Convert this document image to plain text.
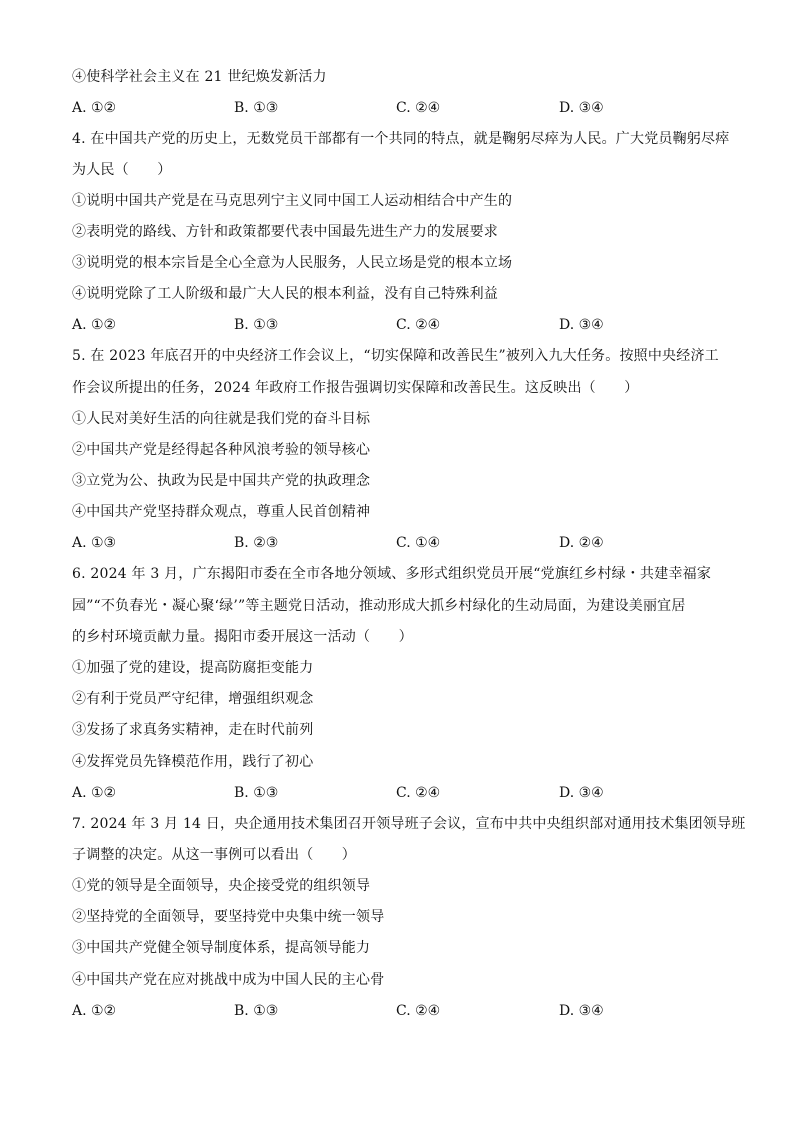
④使科学社会主义在 21 世纪焕发新活力
A. ①②	B. ①③	C. ②④	D. ③④
4. 在中国共产党的历史上，无数党员干部都有一个共同的特点，就是鞠躬尽瘁为人民。广大党员鞠躬尽瘁
为人民（　　）
①说明中国共产党是在马克思列宁主义同中国工人运动相结合中产生的
②表明党的路线、方针和政策都要代表中国最先进生产力的发展要求
③说明党的根本宗旨是全心全意为人民服务，人民立场是党的根本立场
④说明党除了工人阶级和最广大人民的根本利益，没有自己特殊利益
A. ①②	B. ①③	C. ②④	D. ③④
5. 在 2023 年底召开的中央经济工作会议上，“切实保障和改善民生”被列入九大任务。按照中央经济工
作会议所提出的任务，2024 年政府工作报告强调切实保障和改善民生。这反映出（　　）
①人民对美好生活的向往就是我们党的奋斗目标
②中国共产党是经得起各种风浪考验的领导核心
③立党为公、执政为民是中国共产党的执政理念
④中国共产党坚持群众观点，尊重人民首创精神
A. ①③	B. ②③	C. ①④	D. ②④
6. 2024 年 3 月，广东揭阳市委在全市各地分领域、多形式组织党员开展“党旗红乡村绿・共建幸福家
园”“不负春光・凝心聚‘绿’”等主题党日活动，推动形成大抓乡村绿化的生动局面，为建设美丽宜居
的乡村环境贡献力量。揭阳市委开展这一活动（　　）
①加强了党的建设，提高防腐拒变能力
②有利于党员严守纪律，增强组织观念
③发扬了求真务实精神，走在时代前列
④发挥党员先锋模范作用，践行了初心
A. ①②	B. ①③	C. ②④	D. ③④
7. 2024 年 3 月 14 日，央企通用技术集团召开领导班子会议，宣布中共中央组织部对通用技术集团领导班
子调整的决定。从这一事例可以看出（　　）
①党的领导是全面领导，央企接受党的组织领导
②坚持党的全面领导，要坚持党中央集中统一领导
③中国共产党健全领导制度体系，提高领导能力
④中国共产党在应对挑战中成为中国人民的主心骨
A. ①②	B. ①③	C. ②④	D. ③④
